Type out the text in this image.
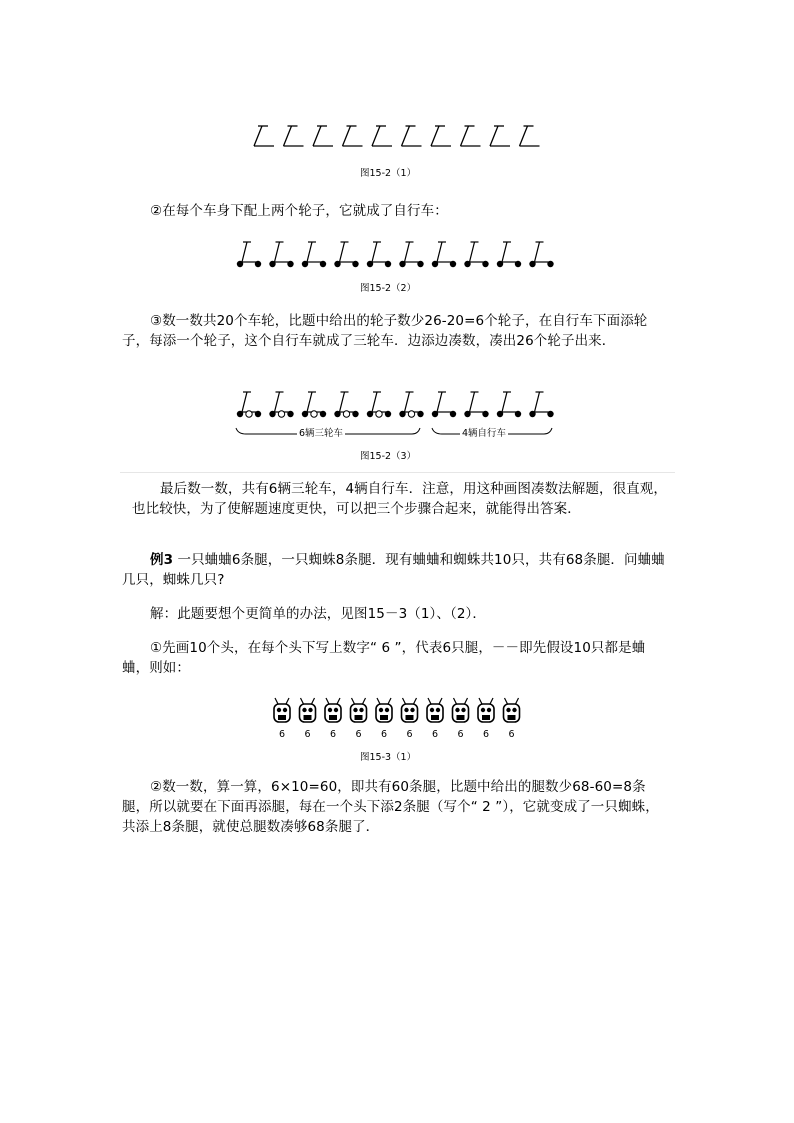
图15-2（1）
②在每个车身下配上两个轮子，它就成了自行车：
图15-2（2）
③数一数共20个车轮，比题中给出的轮子数少26-20=6个轮子，在自行车下面添轮子，每添一个轮子，这个自行车就成了三轮车．边添边凑数，凑出26个轮子出来．
6辆三轮车	4辆自行车
图15-2（3）
最后数一数，共有6辆三轮车，4辆自行车．注意，用这种画图凑数法解题，很直观，也比较快，为了使解题速度更快，可以把三个步骤合起来，就能得出答案．
例3 一只蛐蛐6条腿，一只蜘蛛8条腿．现有蛐蛐和蜘蛛共10只，共有68条腿．问蛐蛐几只，蜘蛛几只?
解：此题要想个更简单的办法，见图15－3（1）、（2）．
①先画10个头，在每个头下写上数字“ 6 ”，代表6只腿，－－即先假设10只都是蛐蛐，则如：
6 6 6 6 6 6 6 6 6 6
图15-3（1）
②数一数，算一算，6×10=60，即共有60条腿，比题中给出的腿数少68-60=8条腿，所以就要在下面再添腿，每在一个头下添2条腿（写个“ 2 ”），它就变成了一只蜘蛛，共添上8条腿，就使总腿数凑够68条腿了．
